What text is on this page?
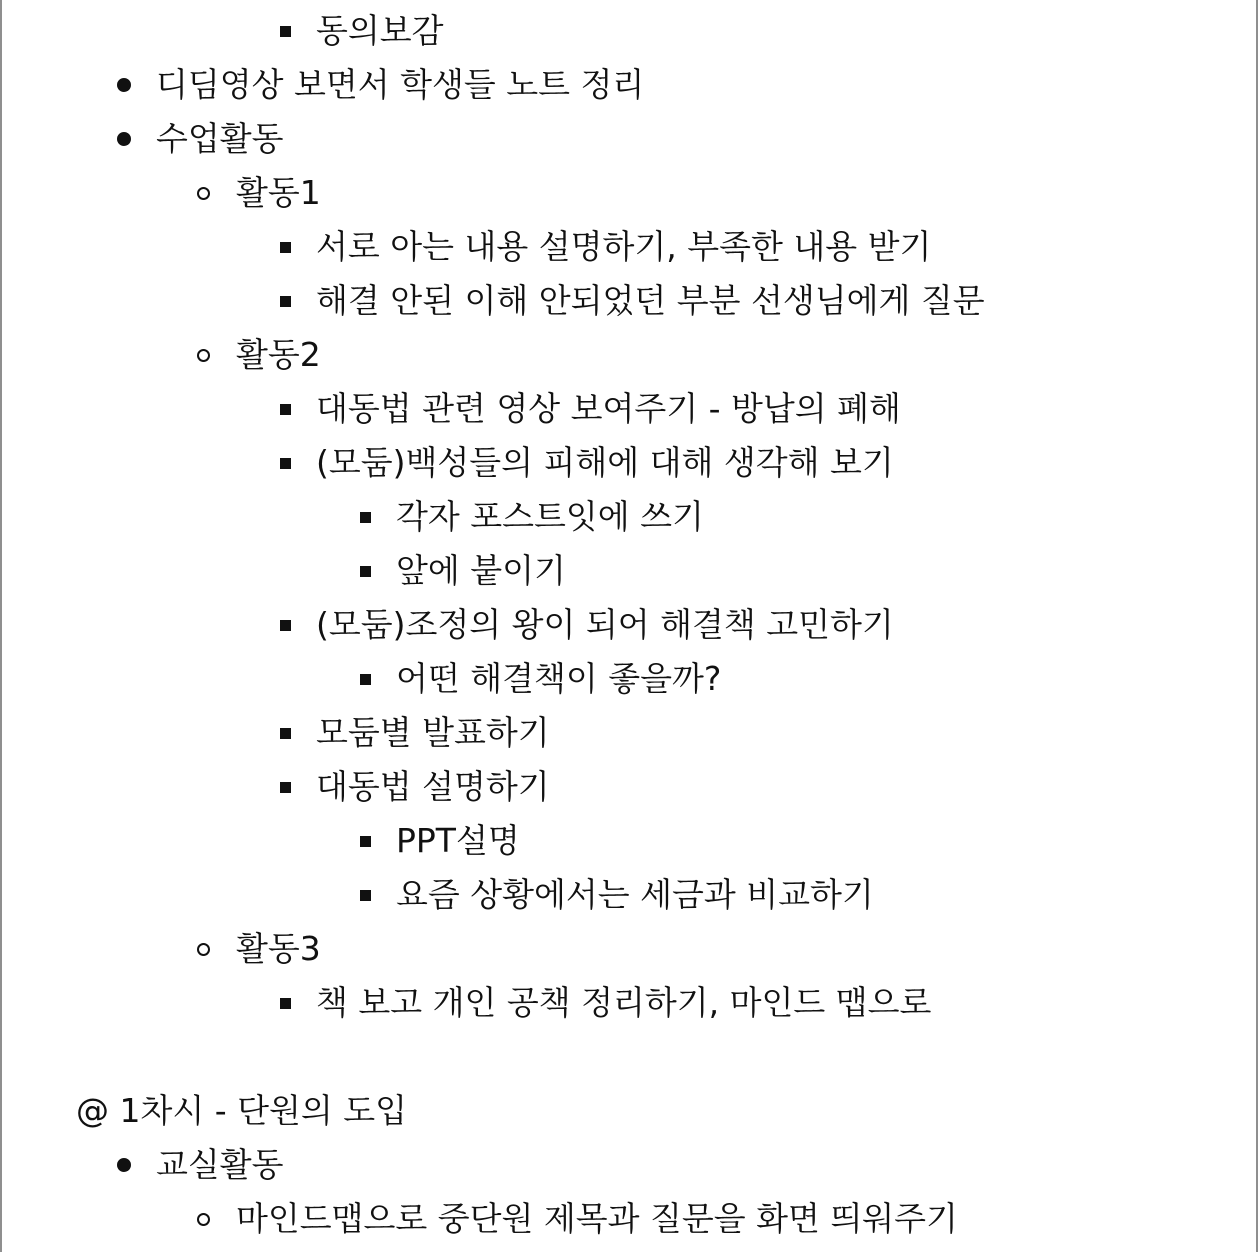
동의보감
디딤영상 보면서 학생들 노트 정리
수업활동
활동1
서로 아는 내용 설명하기, 부족한 내용 받기
해결 안된 이해 안되었던 부분 선생님에게 질문
활동2
대동법 관련 영상 보여주기 - 방납의 폐해
(모둠)백성들의 피해에 대해 생각해 보기
각자 포스트잇에 쓰기
앞에 붙이기
(모둠)조정의 왕이 되어 해결책 고민하기
어떤 해결책이 좋을까?
모둠별 발표하기
대동법 설명하기
PPT설명
요즘 상황에서는 세금과 비교하기
활동3
책 보고 개인 공책 정리하기, 마인드 맵으로
@ 1차시 - 단원의 도입
교실활동
마인드맵으로 중단원 제목과 질문을 화면 띄워주기
